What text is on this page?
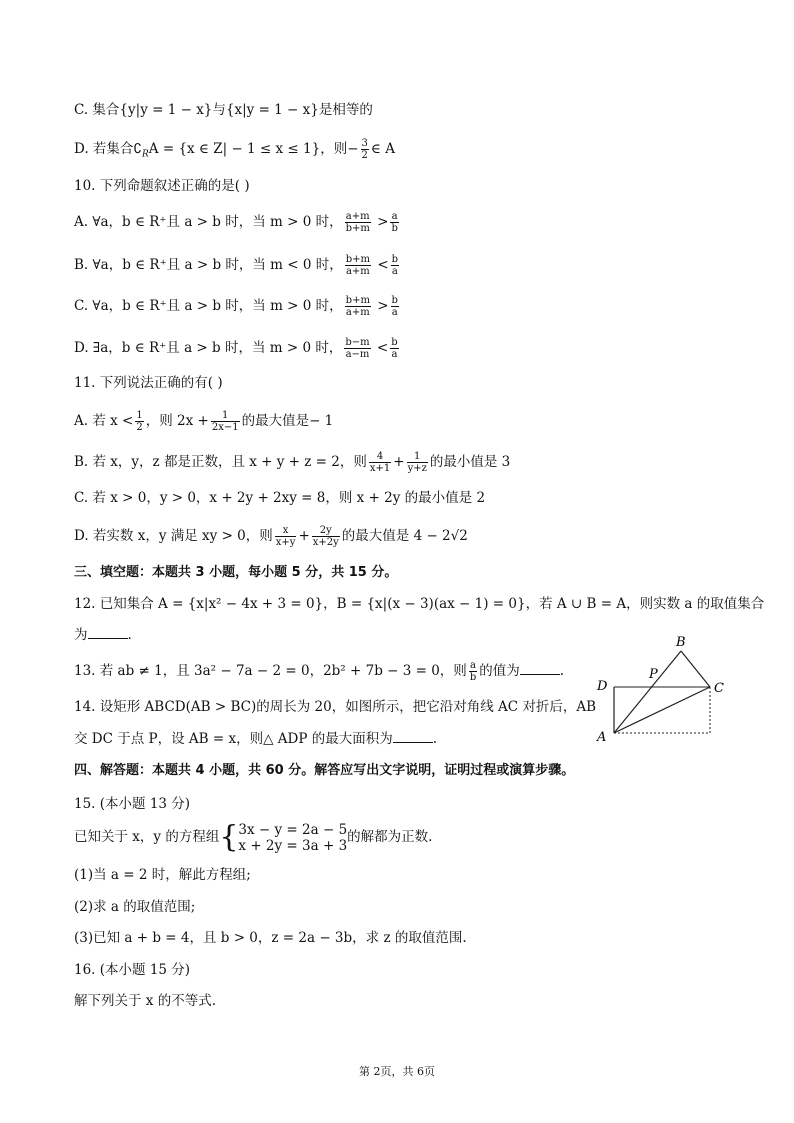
C. 集合{y|y = 1 − x}与{x|y = 1 − x}是相等的
D. 若集合$∁_RA = \{x$ ∈ Z| − 1 ≤ x ≤ 1}，则− $\frac{3}{2}$ ∈ A
10. 下列命题叙述正确的是( )
A. ∀a，b ∈ R⁺且 a > b 时，当 m > 0 时， $\frac{a+m}{b+m} > \frac{a}{b}$
B. ∀a，b ∈ R⁺且 a > b 时，当 m < 0 时， $\frac{b+m}{a+m} < \frac{b}{a}$
C. ∀a，b ∈ R⁺且 a > b 时，当 m > 0 时， $\frac{b+m}{a+m} > \frac{b}{a}$
D. ∃a，b ∈ R⁺且 a > b 时，当 m > 0 时， $\frac{b-m}{a-m} < \frac{b}{a}$
11. 下列说法正确的有( )
A. 若 $x < \frac{1}{2}$ ，则 $2x + \frac{1}{2x-1}$ 的最大值是− 1
B. 若 x，y，z 都是正数，且 x + y + z = 2，则 $\frac{4}{x+1} + \frac{1}{y+z}$ 的最小值是 3
C. 若 x > 0，y > 0，x + 2y + 2xy = 8，则 x + 2y 的最小值是 2
D. 若实数 x，y 满足 xy > 0，则 $\frac{x}{x+y} + \frac{2y}{x+2y}$ 的最大值是 4 − 2√2
三、填空题：本题共 3 小题，每小题 5 分，共 15 分。
12. 已知集合 A = {x|x² − 4x + 3 = 0}，B = {x|(x − 3)(ax − 1) = 0}，若 A ∪ B = A，则实数 a 的取值集合
为	.
13. 若 ab ≠ 1，且 3a² − 7a − 2 = 0，2b² + 7b − 3 = 0，则 $\frac{a}{b}$ 的值为	.
14. 设矩形 ABCD(AB > BC)的周长为 20，如图所示，把它沿对角线 AC 对折后，AB
交 DC 于点 P，设 AB = x，则△ ADP 的最大面积为	.
B
P
D	C
A
四、解答题：本题共 4 小题，共 60 分。解答应写出文字说明，证明过程或演算步骤。
15. (本小题 13 分)
已知关于 x，y 的方程组{ 3x − y = 2a − 5
x + 2y = 3a + 3
的解都为正数.
(1)当 a = 2 时，解此方程组;
(2)求 a 的取值范围;
(3)已知 a + b = 4，且 b > 0，z = 2a − 3b，求 z 的取值范围.
16. (本小题 15 分)
解下列关于 x 的不等式.
第 2页，共 6页
